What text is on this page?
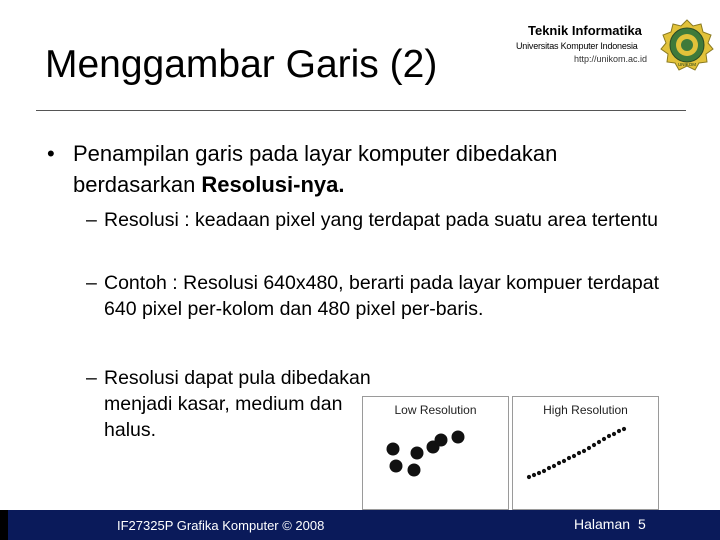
Menggambar Garis (2)
Teknik Informatika
Universitas Komputer Indonesia
http://unikom.ac.id
UNIKOM
• Penampilan garis pada layar komputer dibedakan berdasarkan Resolusi-nya.
– Resolusi : keadaan pixel yang terdapat pada suatu area tertentu
– Contoh : Resolusi 640x480, berarti pada layar kompuer terdapat 640 pixel per-kolom dan 480 pixel per-baris.
– Resolusi dapat pula dibedakan menjadi kasar, medium dan halus.
Low Resolution	High Resolution
IF27325P Grafika Komputer © 2008	Halaman 5
